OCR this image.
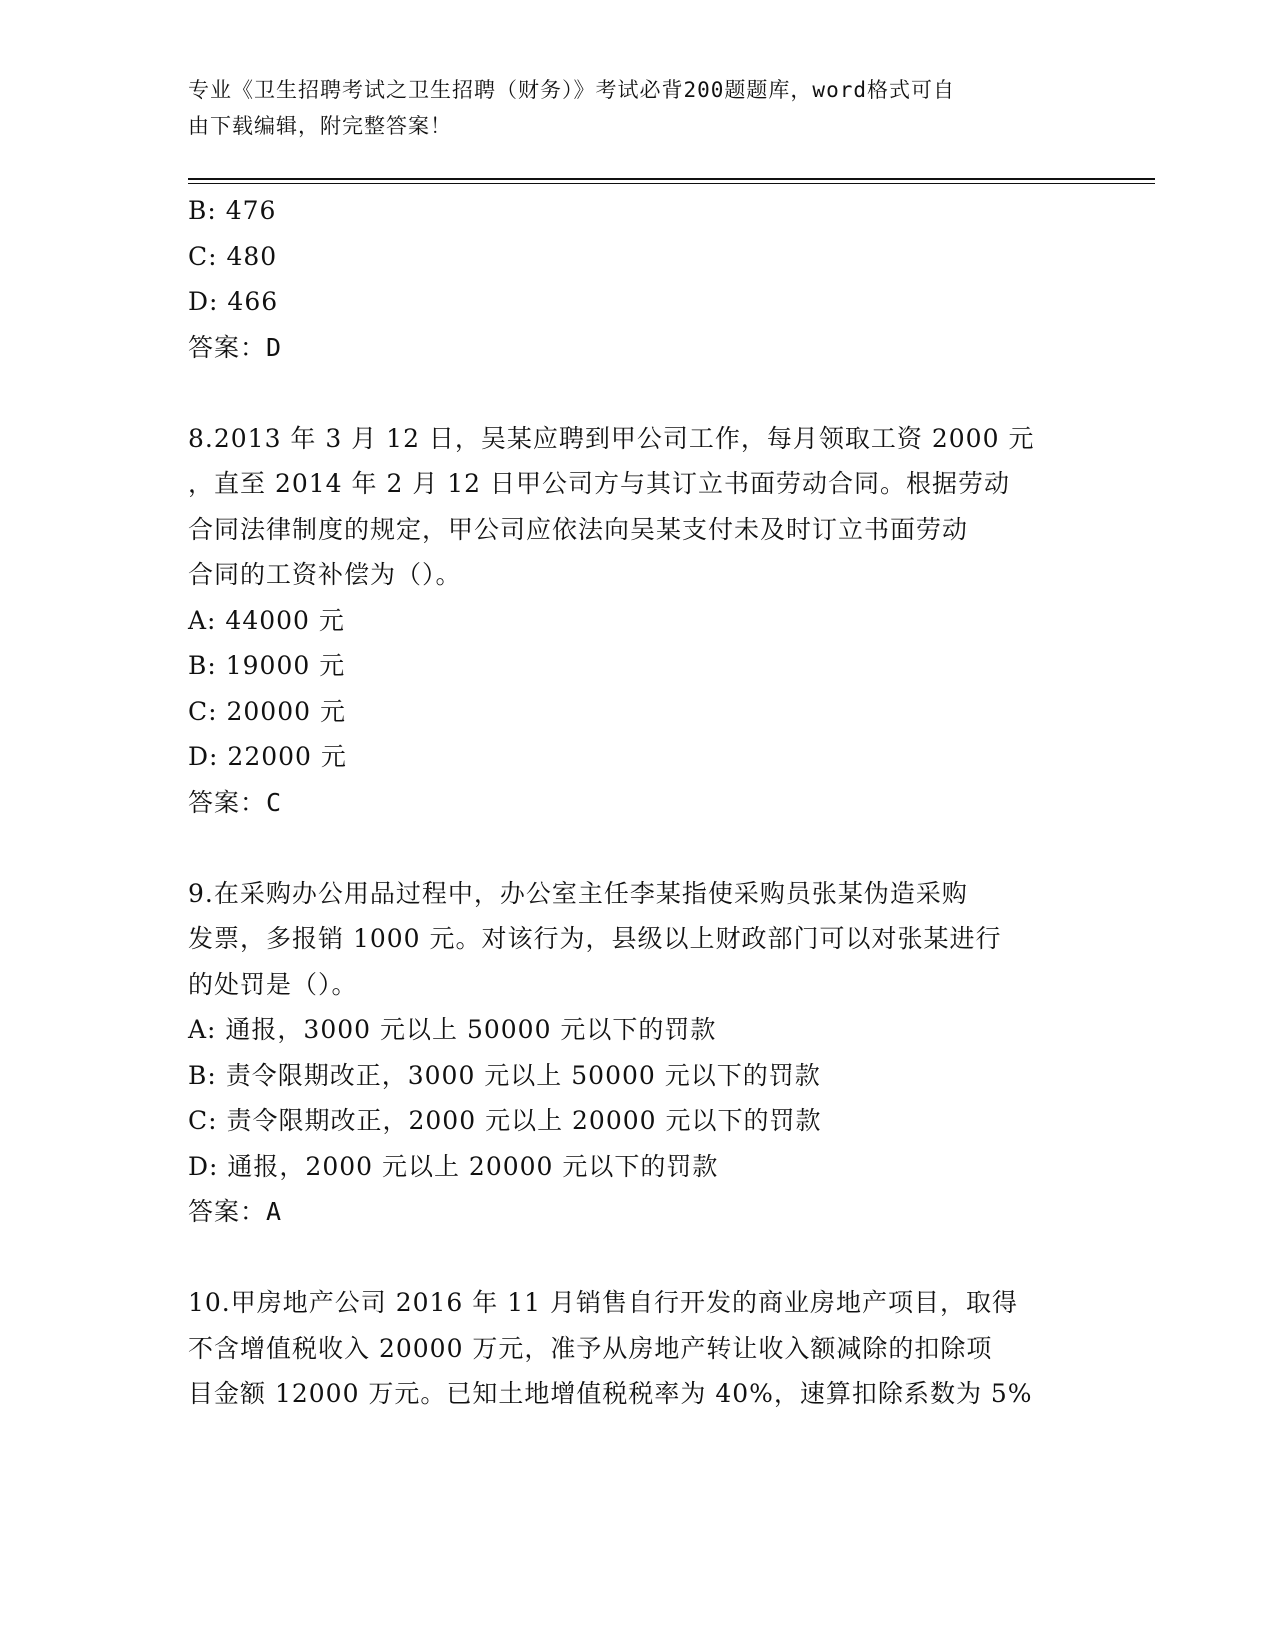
专业《卫生招聘考试之卫生招聘（财务）》考试必背200题题库，word格式可自
由下载编辑，附完整答案！
B: 476
C: 480
D: 466
答案：D
8.2013 年 3 月 12 日，吴某应聘到甲公司工作，每月领取工资 2000 元
，直至 2014 年 2 月 12 日甲公司方与其订立书面劳动合同。根据劳动
合同法律制度的规定，甲公司应依法向吴某支付未及时订立书面劳动
合同的工资补偿为（）。
A: 44000 元
B: 19000 元
C: 20000 元
D: 22000 元
答案：C
9.在采购办公用品过程中，办公室主任李某指使采购员张某伪造采购
发票，多报销 1000 元。对该行为，县级以上财政部门可以对张某进行
的处罚是（）。
A: 通报，3000 元以上 50000 元以下的罚款
B: 责令限期改正，3000 元以上 50000 元以下的罚款
C: 责令限期改正，2000 元以上 20000 元以下的罚款
D: 通报，2000 元以上 20000 元以下的罚款
答案：A
10.甲房地产公司 2016 年 11 月销售自行开发的商业房地产项目，取得
不含增值税收入 20000 万元，准予从房地产转让收入额减除的扣除项
目金额 12000 万元。已知土地增值税税率为 40%，速算扣除系数为 5%
